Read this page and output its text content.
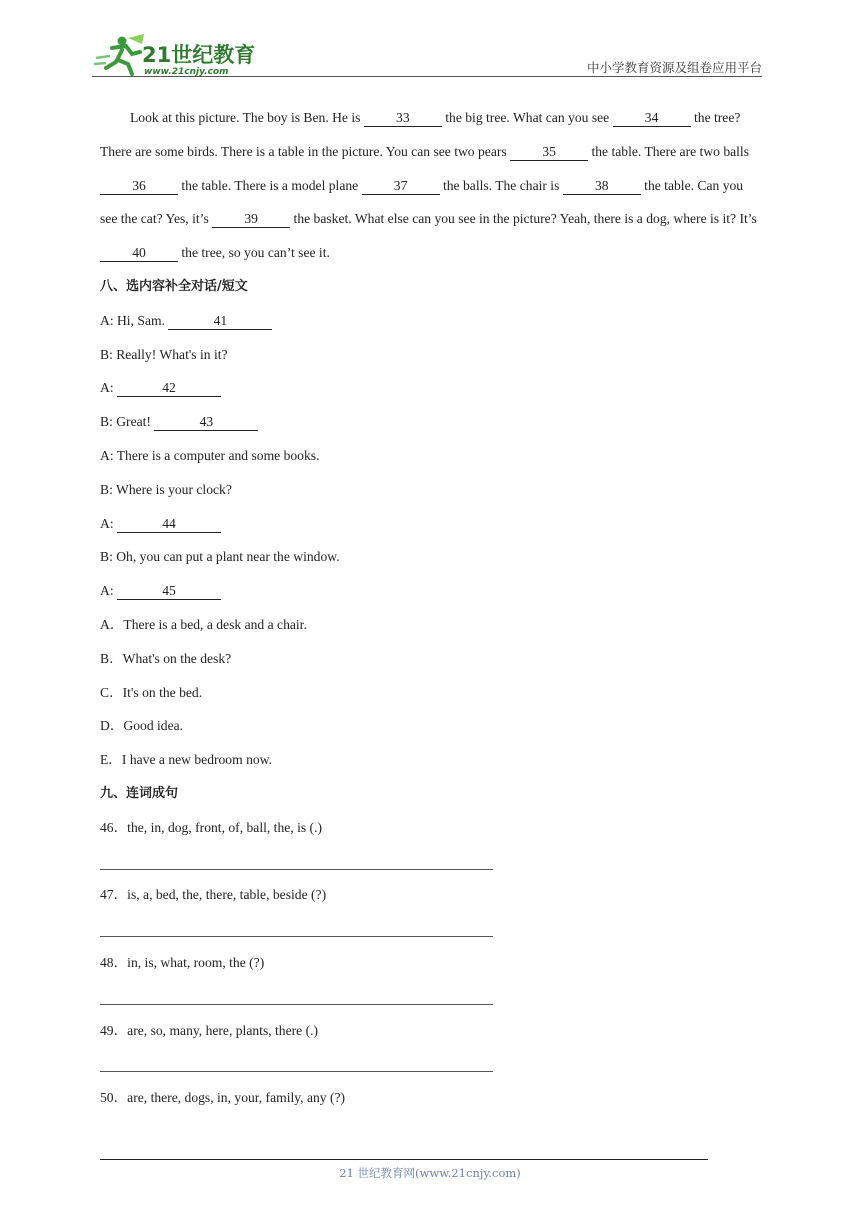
21世纪教育
www.21cnjy.com	中小学教育资源及组卷应用平台

Look at this picture. The boy is Ben. He is 33 the big tree. What can you see 34 the tree? There are some birds. There is a table in the picture. You can see two pears 35 the table. There are two balls 36 the table. There is a model plane 37 the balls. The chair is 38 the table. Can you see the cat? Yes, it’s 39 the basket. What else can you see in the picture? Yeah, there is a dog, where is it? It’s 40 the tree, so you can’t see it.

八、选内容补全对话/短文
A: Hi, Sam.	41
B: Really! What's in it?
A:	42
B: Great!	43
A: There is a computer and some books.
B: Where is your clock?
A:	44
B: Oh, you can put a plant near the window.
A:	45
A．There is a bed, a desk and a chair.
B．What's on the desk?
C．It's on the bed.
D．Good idea.
E．I have a new bedroom now.
九、连词成句
46．the, in, dog, front, of, ball, the, is (.)
47．is, a, bed, the, there, table, beside (?)
48．in, is, what, room, the (?)
49．are, so, many, here, plants, there (.)
50．are, there, dogs, in, your, family, any (?)
21 世纪教育网(www.21cnjy.com)
